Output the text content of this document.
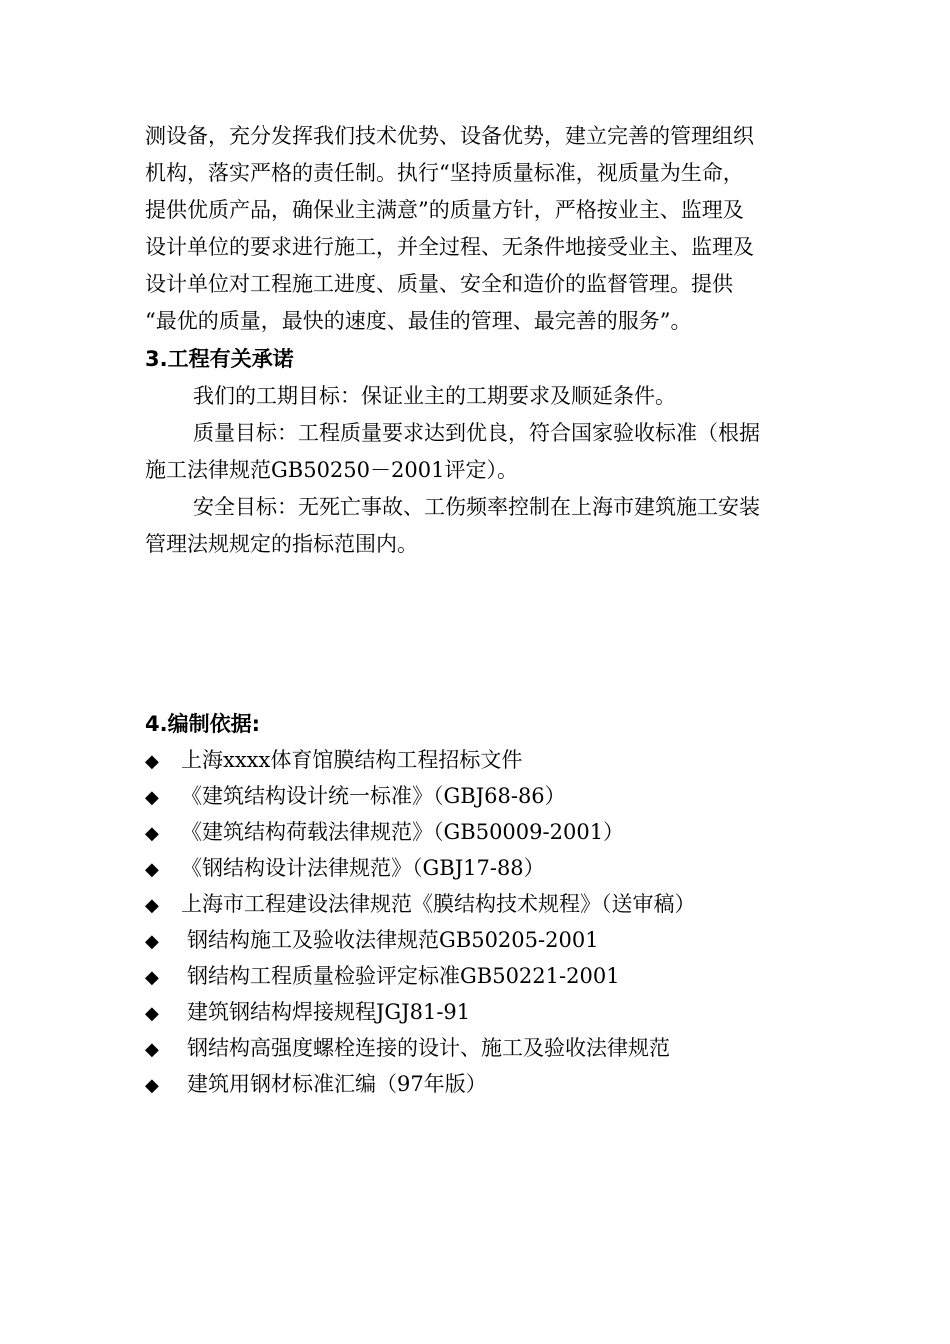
测设备，充分发挥我们技术优势、设备优势，建立完善的管理组织
机构，落实严格的责任制。执行“坚持质量标准，视质量为生命，
提供优质产品，确保业主满意”的质量方针，严格按业主、监理及
设计单位的要求进行施工，并全过程、无条件地接受业主、监理及
设计单位对工程施工进度、质量、安全和造价的监督管理。提供
“最优的质量，最快的速度、最佳的管理、最完善的服务”。
3.工程有关承诺
我们的工期目标：保证业主的工期要求及顺延条件。
质量目标：工程质量要求达到优良，符合国家验收标准（根据
施工法律规范GB50250－2001评定）。
安全目标：无死亡事故、工伤频率控制在上海市建筑施工安装
管理法规规定的指标范围内。
4.编制依据:
◆ 上海xxxx体育馆膜结构工程招标文件
◆ 《建筑结构设计统一标准》（GBJ68-86）
◆ 《建筑结构荷载法律规范》（GB50009-2001）
◆ 《钢结构设计法律规范》（GBJ17-88）
◆ 上海市工程建设法律规范《膜结构技术规程》（送审稿）
◆ 钢结构施工及验收法律规范GB50205-2001
◆ 钢结构工程质量检验评定标准GB50221-2001
◆ 建筑钢结构焊接规程JGJ81-91
◆ 钢结构高强度螺栓连接的设计、施工及验收法律规范
◆ 建筑用钢材标准汇编（97年版）
